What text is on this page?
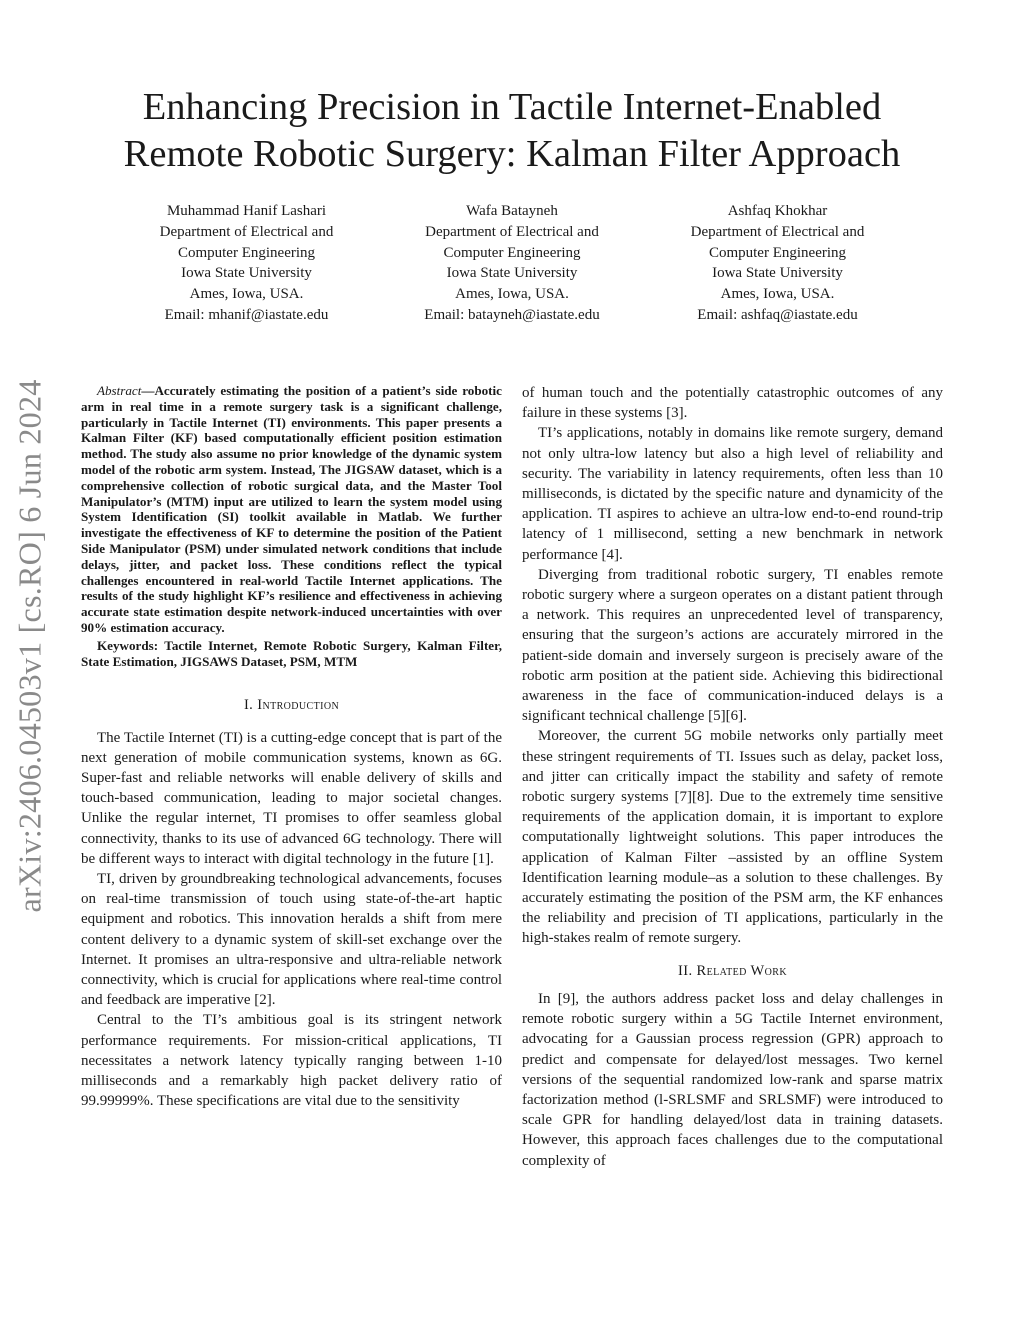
Enhancing Precision in Tactile Internet-Enabled
Remote Robotic Surgery: Kalman Filter Approach
Muhammad Hanif Lashari
Department of Electrical and
Computer Engineering
Iowa State University
Ames, Iowa, USA.
Email: mhanif@iastate.edu
Wafa Batayneh
Department of Electrical and
Computer Engineering
Iowa State University
Ames, Iowa, USA.
Email: batayneh@iastate.edu
Ashfaq Khokhar
Department of Electrical and
Computer Engineering
Iowa State University
Ames, Iowa, USA.
Email: ashfaq@iastate.edu
arXiv:2406.04503v1 [cs.RO] 6 Jun 2024	Abstract—Accurately estimating the position of a patient’s side robotic arm in real time in a remote surgery task is a significant challenge, particularly in Tactile Internet (TI) environments. This paper presents a Kalman Filter (KF) based computationally efficient position estimation method. The study also assume no prior knowledge of the dynamic system model of the robotic arm system. Instead, The JIGSAW dataset, which is a comprehensive collection of robotic surgical data, and the Master Tool Manipulator’s (MTM) input are utilized to learn the system model using System Identification (SI) toolkit available in Matlab. We further investigate the effectiveness of KF to determine the position of the Patient Side Manipulator (PSM) under simulated network conditions that include delays, jitter, and packet loss. These conditions reflect the typical challenges encountered in real-world Tactile Internet applications. The results of the study highlight KF’s resilience and effectiveness in achieving accurate state estimation despite network-induced uncertainties with over 90% estimation accuracy.

Keywords: Tactile Internet, Remote Robotic Surgery, Kalman Filter, State Estimation, JIGSAWS Dataset, PSM, MTM

I. Introduction

The Tactile Internet (TI) is a cutting-edge concept that is part of the next generation of mobile communication systems, known as 6G. Super-fast and reliable networks will enable delivery of skills and touch-based communication, leading to major societal changes. Unlike the regular internet, TI promises to offer seamless global connectivity, thanks to its use of advanced 6G technology. There will be different ways to interact with digital technology in the future [1].

TI, driven by groundbreaking technological advancements, focuses on real-time transmission of touch using state-of-the-art haptic equipment and robotics. This innovation heralds a shift from mere content delivery to a dynamic system of skill-set exchange over the Internet. It promises an ultra-responsive and ultra-reliable network connectivity, which is crucial for applications where real-time control and feedback are imperative [2].

Central to the TI’s ambitious goal is its stringent network performance requirements. For mission-critical applications, TI necessitates a network latency typically ranging between 1-10 milliseconds and a remarkably high packet delivery ratio of 99.99999%. These specifications are vital due to the sensitivity

of human touch and the potentially catastrophic outcomes of any failure in these systems [3].

TI’s applications, notably in domains like remote surgery, demand not only ultra-low latency but also a high level of reliability and security. The variability in latency requirements, often less than 10 milliseconds, is dictated by the specific nature and dynamicity of the application. TI aspires to achieve an ultra-low end-to-end round-trip latency of 1 millisecond, setting a new benchmark in network performance [4].

Diverging from traditional robotic surgery, TI enables remote robotic surgery where a surgeon operates on a distant patient through a network. This requires an unprecedented level of transparency, ensuring that the surgeon’s actions are accurately mirrored in the patient-side domain and inversely surgeon is precisely aware of the robotic arm position at the patient side. Achieving this bidirectional awareness in the face of communication-induced delays is a significant technical challenge [5][6].

Moreover, the current 5G mobile networks only partially meet these stringent requirements of TI. Issues such as delay, packet loss, and jitter can critically impact the stability and safety of remote robotic surgery systems [7][8]. Due to the extremely time sensitive requirements of the application domain, it is important to explore computationally lightweight solutions. This paper introduces the application of Kalman Filter –assisted by an offline System Identification learning module–as a solution to these challenges. By accurately estimating the position of the PSM arm, the KF enhances the reliability and precision of TI applications, particularly in the high-stakes realm of remote surgery.

II. Related Work

In [9], the authors address packet loss and delay challenges in remote robotic surgery within a 5G Tactile Internet environment, advocating for a Gaussian process regression (GPR) approach to predict and compensate for delayed/lost messages. Two kernel versions of the sequential randomized low-rank and sparse matrix factorization method (l-SRLSMF and SRLSMF) were introduced to scale GPR for handling delayed/lost data in training datasets. However, this approach faces challenges due to the computational complexity of
